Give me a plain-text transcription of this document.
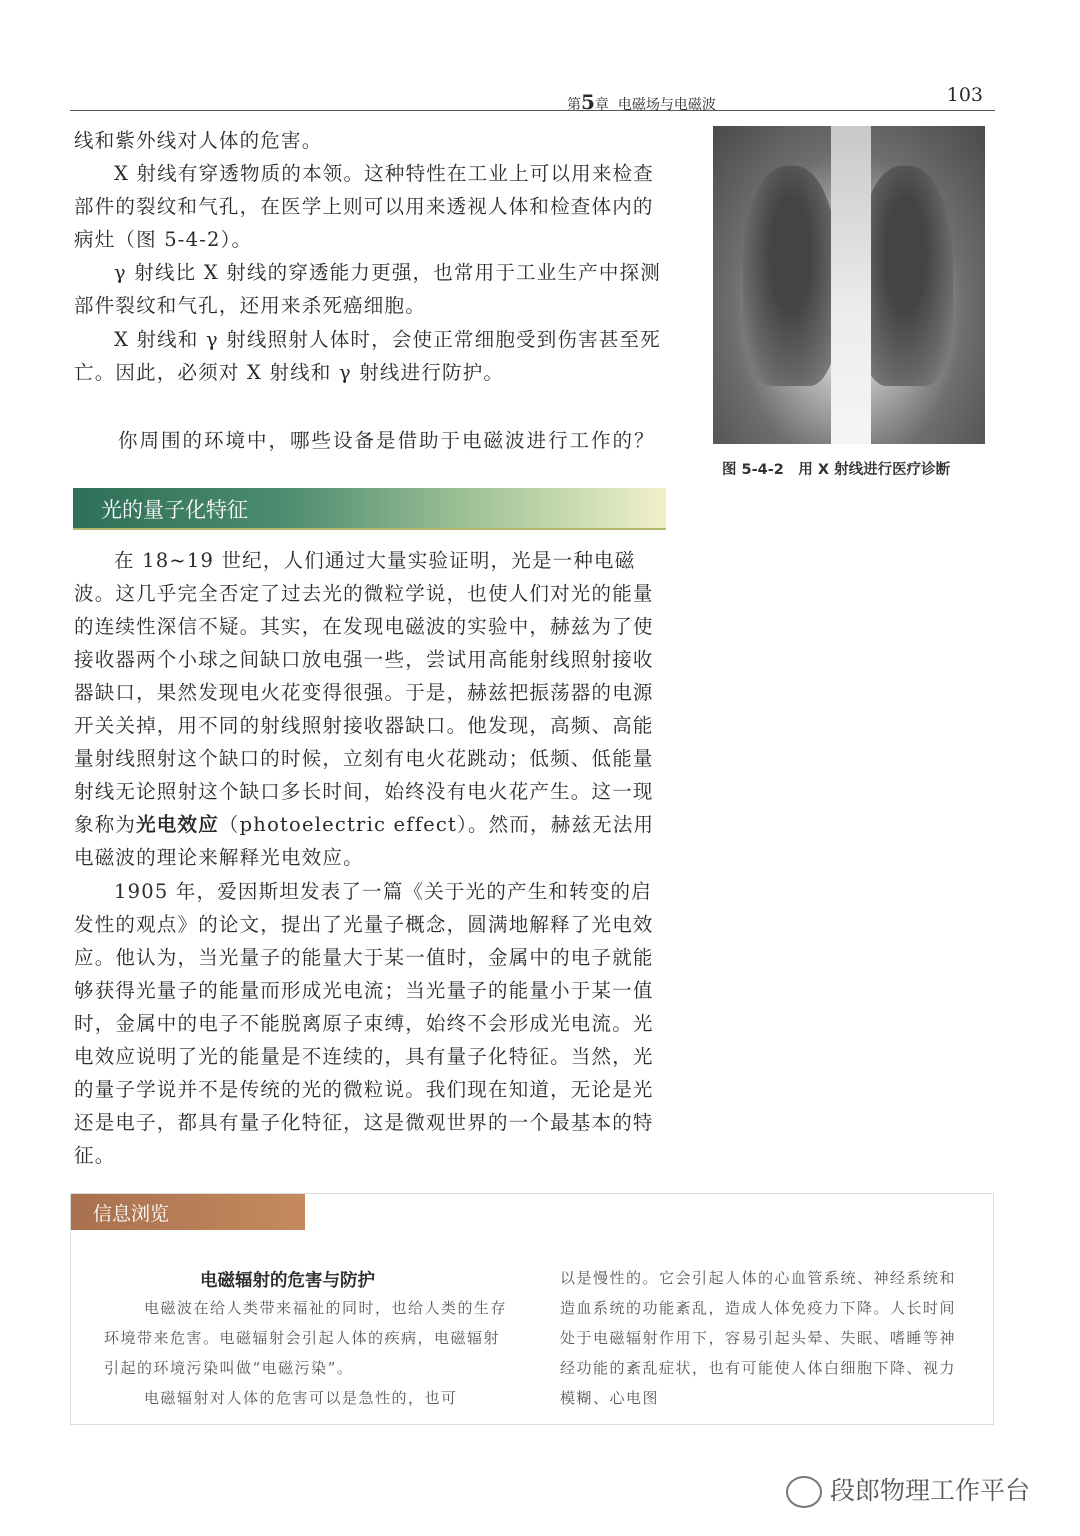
第5章 电磁场与电磁波	103
线和紫外线对人体的危害。
X 射线有穿透物质的本领。这种特性在工业上可以用来检查部件的裂纹和气孔，在医学上则可以用来透视人体和检查体内的病灶（图 5-4-2）。
γ 射线比 X 射线的穿透能力更强，也常用于工业生产中探测部件裂纹和气孔，还用来杀死癌细胞。
X 射线和 γ 射线照射人体时，会使正常细胞受到伤害甚至死亡。因此，必须对 X 射线和 γ 射线进行防护。
你周围的环境中，哪些设备是借助于电磁波进行工作的？
图 5-4-2　用 X 射线进行医疗诊断
光的量子化特征
在 18~19 世纪，人们通过大量实验证明，光是一种电磁波。这几乎完全否定了过去光的微粒学说，也使人们对光的能量的连续性深信不疑。其实，在发现电磁波的实验中，赫兹为了使接收器两个小球之间缺口放电强一些，尝试用高能射线照射接收器缺口，果然发现电火花变得很强。于是，赫兹把振荡器的电源开关关掉，用不同的射线照射接收器缺口。他发现，高频、高能量射线照射这个缺口的时候，立刻有电火花跳动；低频、低能量射线无论照射这个缺口多长时间，始终没有电火花产生。这一现象称为光电效应（photoelectric effect）。然而，赫兹无法用电磁波的理论来解释光电效应。
1905 年，爱因斯坦发表了一篇《关于光的产生和转变的启发性的观点》的论文，提出了光量子概念，圆满地解释了光电效应。他认为，当光量子的能量大于某一值时，金属中的电子就能够获得光量子的能量而形成光电流；当光量子的能量小于某一值时，金属中的电子不能脱离原子束缚，始终不会形成光电流。光电效应说明了光的能量是不连续的，具有量子化特征。当然，光的量子学说并不是传统的光的微粒说。我们现在知道，无论是光还是电子，都具有量子化特征，这是微观世界的一个最基本的特征。
信息浏览
电磁辐射的危害与防护
电磁波在给人类带来福祉的同时，也给人类的生存环境带来危害。电磁辐射会引起人体的疾病，电磁辐射引起的环境污染叫做“电磁污染”。
电磁辐射对人体的危害可以是急性的，也可
以是慢性的。它会引起人体的心血管系统、神经系统和造血系统的功能紊乱，造成人体免疫力下降。人长时间处于电磁辐射作用下，容易引起头晕、失眠、嗜睡等神经功能的紊乱症状，也有可能使人体白细胞下降、视力模糊、心电图
段郎物理工作平台
